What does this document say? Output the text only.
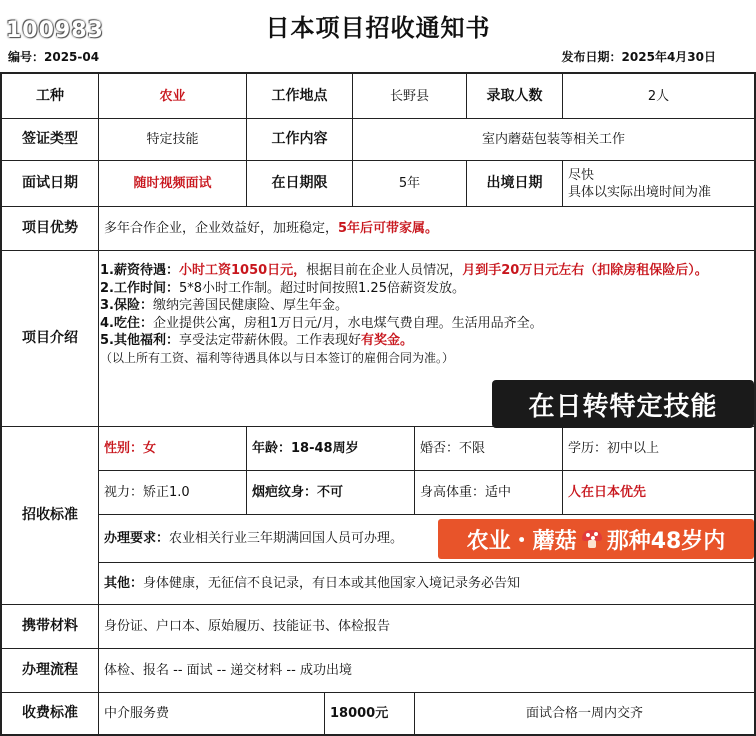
100983	日本项目招收通知书
编号：2025-04	发布日期：2025年4月30日
工种	农业	工作地点	长野县	录取人数	2人
签证类型	特定技能	工作内容	室内蘑菇包装等相关工作
面试日期	随时视频面试	在日期限	5年	出境日期	尽快
具体以实际出境时间为准
项目优势	多年合作企业，企业效益好，加班稳定， 5年后可带家属。
项目介绍

1.薪资待遇：小时工资1050日元，根据目前在企业人员情况，月到手20万日元左右（扣除房租保险后）。

2.工作时间：5*8小时工作制。超过时间按照1.25倍薪资发放。

3.保险：缴纳完善国民健康险、厚生年金。

4.吃住：企业提供公寓，房租1万日元/月，水电煤气费自理。生活用品齐全。

5.其他福利：享受法定带薪休假。工作表现好有奖金。

（以上所有工资、福利等待遇具体以与日本签订的雇佣合同为准。）

招收标准
性别：女	年龄：18-48周岁	婚否：不限	学历：初中以上
视力：矫正1.0	烟疤纹身：不可	身高体重：适中	人在日本优先
办理要求： 农业相关行业三年期满回国人员可办理。
其他： 身体健康，无征信不良记录，有日本或其他国家入境记录务必告知
携带材料	身份证、户口本、原始履历、技能证书、体检报告
办理流程	体检、报名 -- 面试 -- 递交材料 -- 成功出境
收费标准	中介服务费	18000元	面试合格一周内交齐
在日转特定技能
农业・蘑菇 那种48岁内
